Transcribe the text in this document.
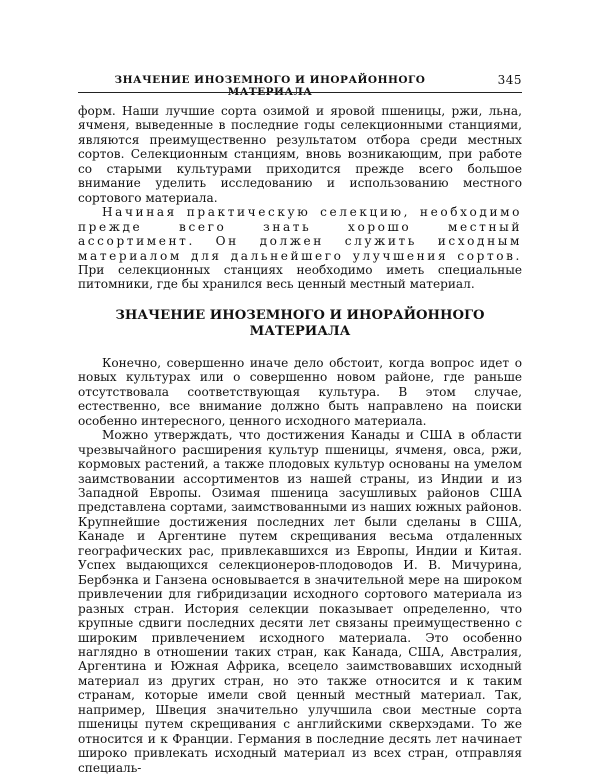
ЗНАЧЕНИЕ ИНОЗЕМНОГО И ИНОРАЙОННОГО МАТЕРИАЛА
345

форм. Наши лучшие сорта озимой и яровой пшеницы, ржи, льна, ячменя, выведенные в последние годы селекционными станциями, являются преимущественно результатом отбора среди местных сортов. Селекционным станциям, вновь возникающим, при работе со старыми культурами приходится прежде всего большое внимание уделить исследованию и использованию местного сортового материала.

Начиная практическую селекцию, необходимо прежде всего знать хорошо местный ассортимент. Он должен служить исходным материалом для дальнейшего улучшения сортов. При селекционных станциях необходимо иметь специальные питомники, где бы хранился весь ценный местный материал.

ЗНАЧЕНИЕ ИНОЗЕМНОГО И ИНОРАЙОННОГО
МАТЕРИАЛА

Конечно, совершенно иначе дело обстоит, когда вопрос идет о новых культурах или о совершенно новом районе, где раньше отсутствовала соответствующая культура. В этом случае, естественно, все внимание должно быть направлено на поиски особенно интересного, ценного исходного материала.

Можно утверждать, что достижения Канады и США в области чрезвычайного расширения культур пшеницы, ячменя, овса, ржи, кормовых растений, а также плодовых культур основаны на умелом заимствовании ассортиментов из нашей страны, из Индии и из Западной Европы. Озимая пшеница засушливых районов США представлена сортами, заимствованными из наших южных районов. Крупнейшие достижения последних лет были сделаны в США, Канаде и Аргентине путем скрещивания весьма отдаленных географических рас, привлекавшихся из Европы, Индии и Китая. Успех выдающихся селекционеров-плодоводов И. В. Мичурина, Бербэнка и Ганзена основывается в значительной мере на широком привлечении для гибридизации исходного сортового материала из разных стран. История селекции показывает определенно, что крупные сдвиги последних десяти лет связаны преимущественно с широким привлечением исходного материала. Это особенно наглядно в отношении таких стран, как Канада, США, Австралия, Аргентина и Южная Африка, всецело заимствовавших исходный материал из других стран, но это также относится и к таким странам, которые имели свой ценный местный материал. Так, например, Швеция значительно улучшила свои местные сорта пшеницы путем скрещивания с английскими скверхэдами. То же относится и к Франции. Германия в последние десять лет начинает широко привлекать исходный материал из всех стран, отправляя специаль-
